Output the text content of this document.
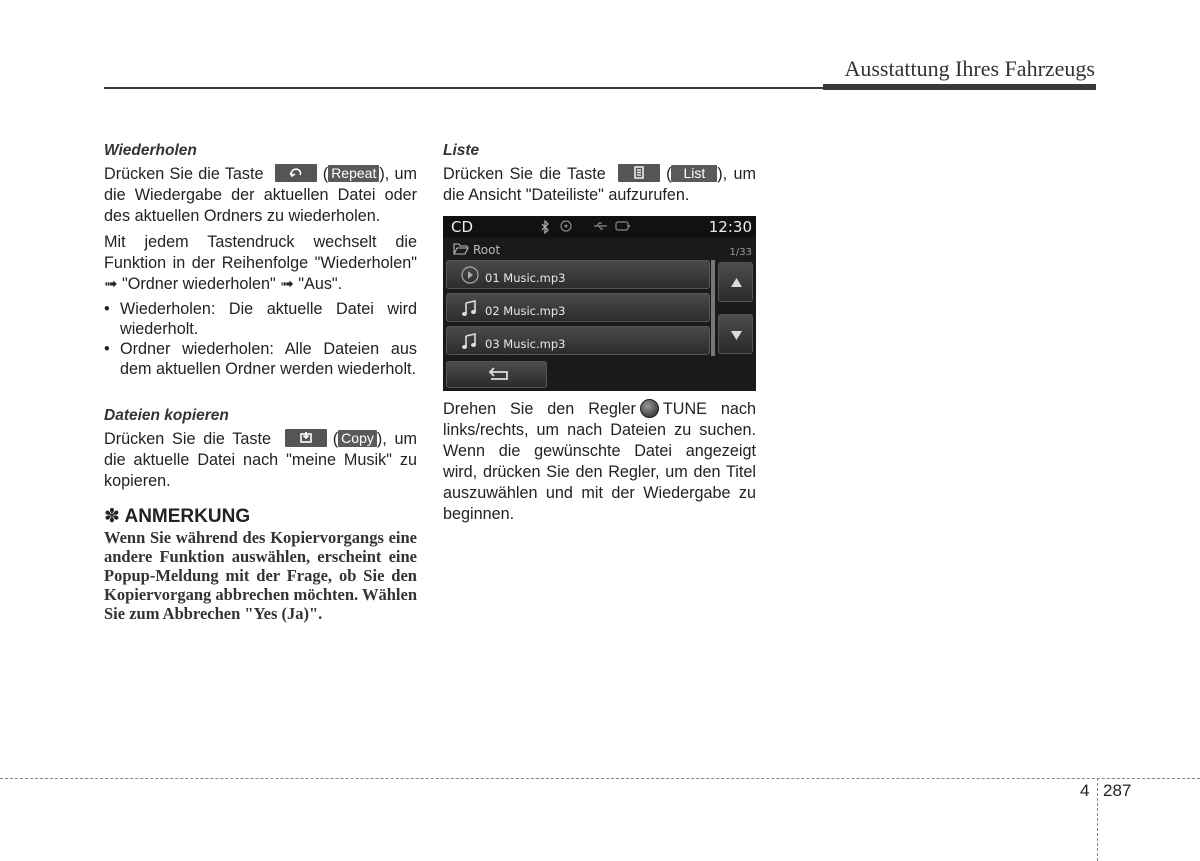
Ausstattung Ihres Fahrzeugs
Wiederholen
Drücken Sie die Taste	( Repeat ), um die Wiedergabe der aktuellen Datei oder des aktuellen Ordners zu wiederholen.
Mit jedem Tastendruck wechselt die Funktion in der Reihenfolge "Wiederholen" ➟ "Ordner wiederholen" ➟ "Aus".
• Wiederholen: Die aktuelle Datei wird wiederholt.
• Ordner wiederholen: Alle Dateien aus dem aktuellen Ordner werden wiederholt.
Dateien kopieren
Drücken Sie die Taste	( Copy ), um die aktuelle Datei nach "meine Musik" zu kopieren.
✽ ANMERKUNG
Wenn Sie während des Kopiervorgangs eine andere Funktion auswählen, erscheint eine Popup-Meldung mit der Frage, ob Sie den Kopiervorgang abbrechen möchten. Wählen Sie zum Abbrechen "Yes (Ja)".
Liste
Drücken Sie die Taste	( List ), um die Ansicht "Dateiliste" aufzurufen.
CD	12:30
Root	1/33
01 Music.mp3
02 Music.mp3
03 Music.mp3
Drehen Sie den Regler TUNE nach links/rechts, um nach Dateien zu suchen. Wenn die gewünschte Datei angezeigt wird, drücken Sie den Regler, um den Titel auszuwählen und mit der Wiedergabe zu beginnen.
4 287
